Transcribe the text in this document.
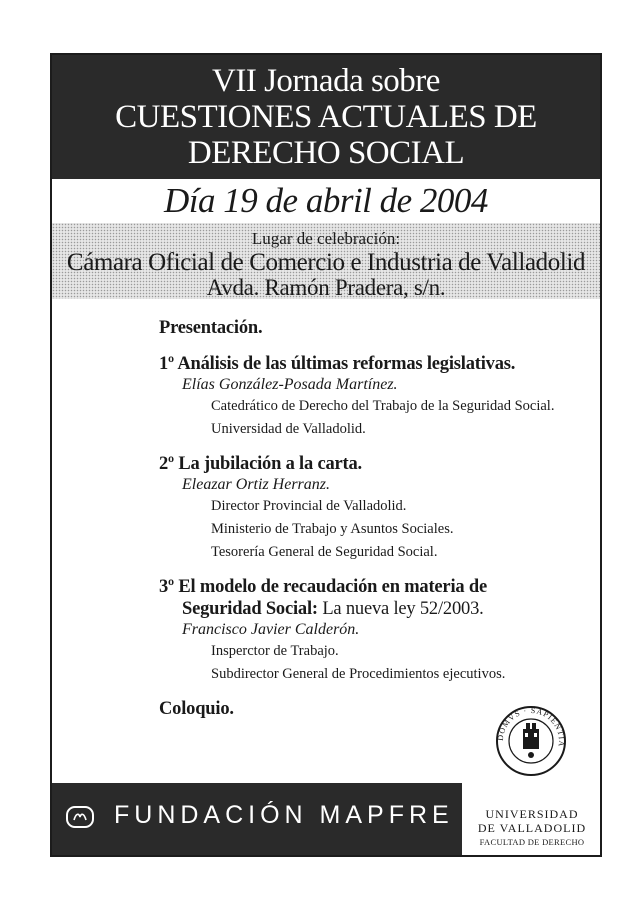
VII Jornada sobre
CUESTIONES ACTUALES DE
DERECHO SOCIAL
Día 19 de abril de 2004
Lugar de celebración:
Cámara Oficial de Comercio e Industria de Valladolid
Avda. Ramón Pradera, s/n.
Presentación.
1º Análisis de las últimas reformas legislativas.
Elías González-Posada Martínez.
Catedrático de Derecho del Trabajo de la Seguridad Social.
Universidad de Valladolid.
2º La jubilación a la carta.
Eleazar Ortiz Herranz.
Director Provincial de Valladolid.
Ministerio de Trabajo y Asuntos Sociales.
Tesorería General de Seguridad Social.
3º El modelo de recaudación en materia de
Seguridad Social: La nueva ley 52/2003.
Francisco Javier Calderón.
Insperctor de Trabajo.
Subdirector General de Procedimientos ejecutivos.
Coloquio.
DOMVS · SAPIENTIA
UNIVERSIDAD
DE VALLADOLID
FACULTAD DE DERECHO
FUNDACIÓN MAPFRE
